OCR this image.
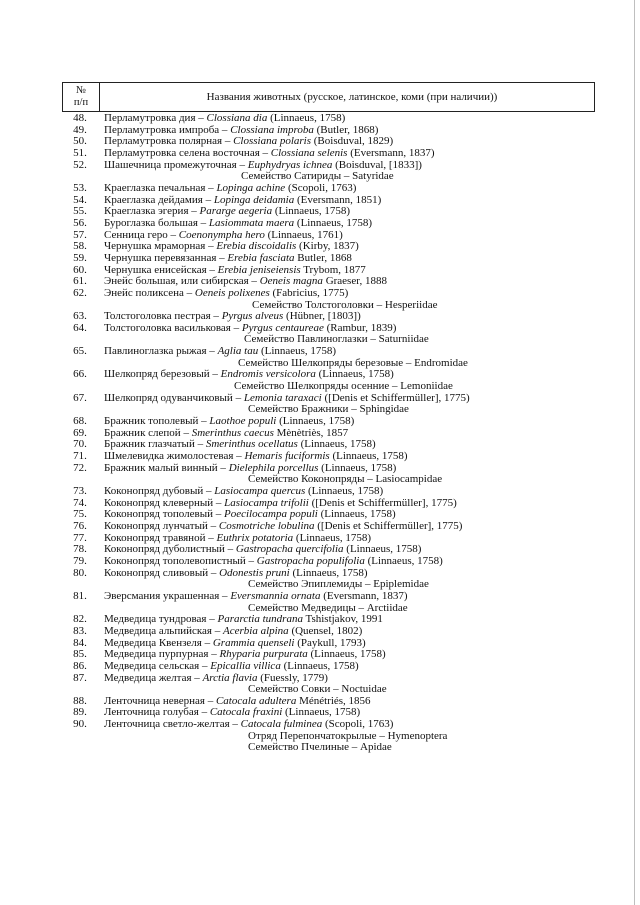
№
п/п	Названия животных (русское, латинское, коми (при наличии))
48.	Перламутровка дия – Clossiana dia (Linnaeus, 1758)
49.	Перламутровка импроба – Clossiana improba (Butler, 1868)
50.	Перламутровка полярная – Clossiana polaris (Boisduval, 1829)
51.	Перламутровка селена восточная – Clossiana selenis (Eversmann, 1837)
52.	Шашечница промежуточная – Euphydryas ichnea (Boisduval, [1833])
Семейство Сатириды – Satyridae
53.	Краеглазка печальная – Lopinga achine (Scopoli, 1763)
54.	Краеглазка дейдамия – Lopinga deidamia (Eversmann, 1851)
55.	Краеглазка эгерия – Pararge aegeria (Linnaeus, 1758)
56.	Буроглазка большая – Lasiommata maera (Linnaeus, 1758)
57.	Сенница геро – Coenonympha hero (Linnaeus, 1761)
58.	Чернушка мраморная – Erebia discoidalis (Kirby, 1837)
59.	Чернушка перевязанная – Erebia fasciata Butler, 1868
60.	Чернушка енисейская – Erebia jeniseiensis Trybom, 1877
61.	Энейс большая, или сибирская – Oeneis magna Graeser, 1888
62.	Энейс поликсена – Oeneis polixenes (Fabricius, 1775)
Семейство Толстоголовки – Hesperiidae
63.	Толстоголовка пестрая – Pyrgus alveus (Hübner, [1803])
64.	Толстоголовка васильковая – Pyrgus centaureae (Rambur, 1839)
Семейство Павлиноглазки – Saturniidae
65.	Павлиноглазка рыжая – Aglia tau (Linnaeus, 1758)
Семейство Шелкопряды березовые – Endromidae
66.	Шелкопряд березовый – Endromis versicolora (Linnaeus, 1758)
Семейство Шелкопряды осенние – Lemoniidae
67.	Шелкопряд одуванчиковый – Lemonia taraxaci ([Denis et Schiffermüller], 1775)
Семейство Бражники – Sphingidae
68.	Бражник тополевый – Laothoe populi (Linnaeus, 1758)
69.	Бражник слепой – Smerinthus caecus Mènètriès, 1857
70.	Бражник глазчатый – Smerinthus ocellatus (Linnaeus, 1758)
71.	Шмелевидка жимолостевая – Hemaris fuciformis (Linnaeus, 1758)
72.	Бражник малый винный – Dielephila porcellus (Linnaeus, 1758)
Семейство Коконопряды – Lasiocampidae
73.	Коконопряд дубовый – Lasiocampa quercus (Linnaeus, 1758)
74.	Коконопряд клеверный – Lasiocampa trifolii ([Denis et Schiffermüller], 1775)
75.	Коконопряд тополевый – Poecilocampa populi (Linnaeus, 1758)
76.	Коконопряд лунчатый – Cosmotriche lobulina ([Denis et Schiffermüller], 1775)
77.	Коконопряд травяной – Euthrix potatoria (Linnaeus, 1758)
78.	Коконопряд дуболистный – Gastropacha quercifolia (Linnaeus, 1758)
79.	Коконопряд тополевопистный – Gastropacha populifolia (Linnaeus, 1758)
80.	Коконопряд сливовый – Odonestis pruni (Linnaeus, 1758)
Семейство Эпиплемиды – Epiplemidae
81.	Эверсмания украшенная – Eversmannia ornata (Eversmann, 1837)
Семейство Медведицы – Arctiidae
82.	Медведица тундровая – Pararctia tundrana Tshistjakov, 1991
83.	Медведица альпийская – Acerbia alpina (Quensel, 1802)
84.	Медведица Квензеля – Grammia quenseli (Paykull, 1793)
85.	Медведица пурпурная – Rhyparia purpurata (Linnaeus, 1758)
86.	Медведица сельская – Epicallia villica (Linnaeus, 1758)
87.	Медведица желтая – Arctia flavia (Fuessly, 1779)
Семейство Совки – Noctuidae
88.	Ленточница неверная – Catocala adultera Ménétriés, 1856
89.	Ленточница голубая – Catocala fraxini (Linnaeus, 1758)
90.	Ленточница светло-желтая – Catocala fulminea (Scopoli, 1763)
Отряд Перепончатокрылые – Hymenoptera
Семейство Пчелиные – Apidae
